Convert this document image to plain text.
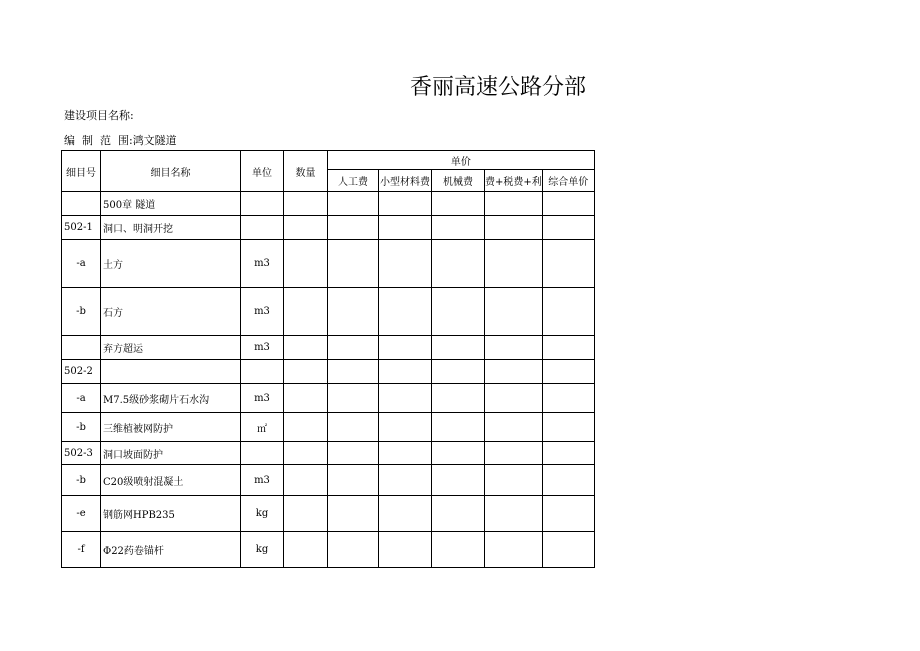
香丽高速公路分部
建设项目名称:
编  制  范  围:鸿文隧道
细目号	细目名称	单位	数量	单价				
				人工费	小型材料费	机械费	费+税费+利	综合单价
	500章 隧道							
502-1	洞口、明洞开挖							
-a	土方	m3						
-b	石方	m3						
	弃方超运	m3						
502-2								
-a	M7.5级砂浆砌片石水沟	m3						
-b	三维植被网防护	㎡						
502-3	洞口坡面防护							
-b	C20级喷射混凝土	m3						
-e	钢筋网HPB235	kg						
-f	Φ22药卷锚杆	kg						
